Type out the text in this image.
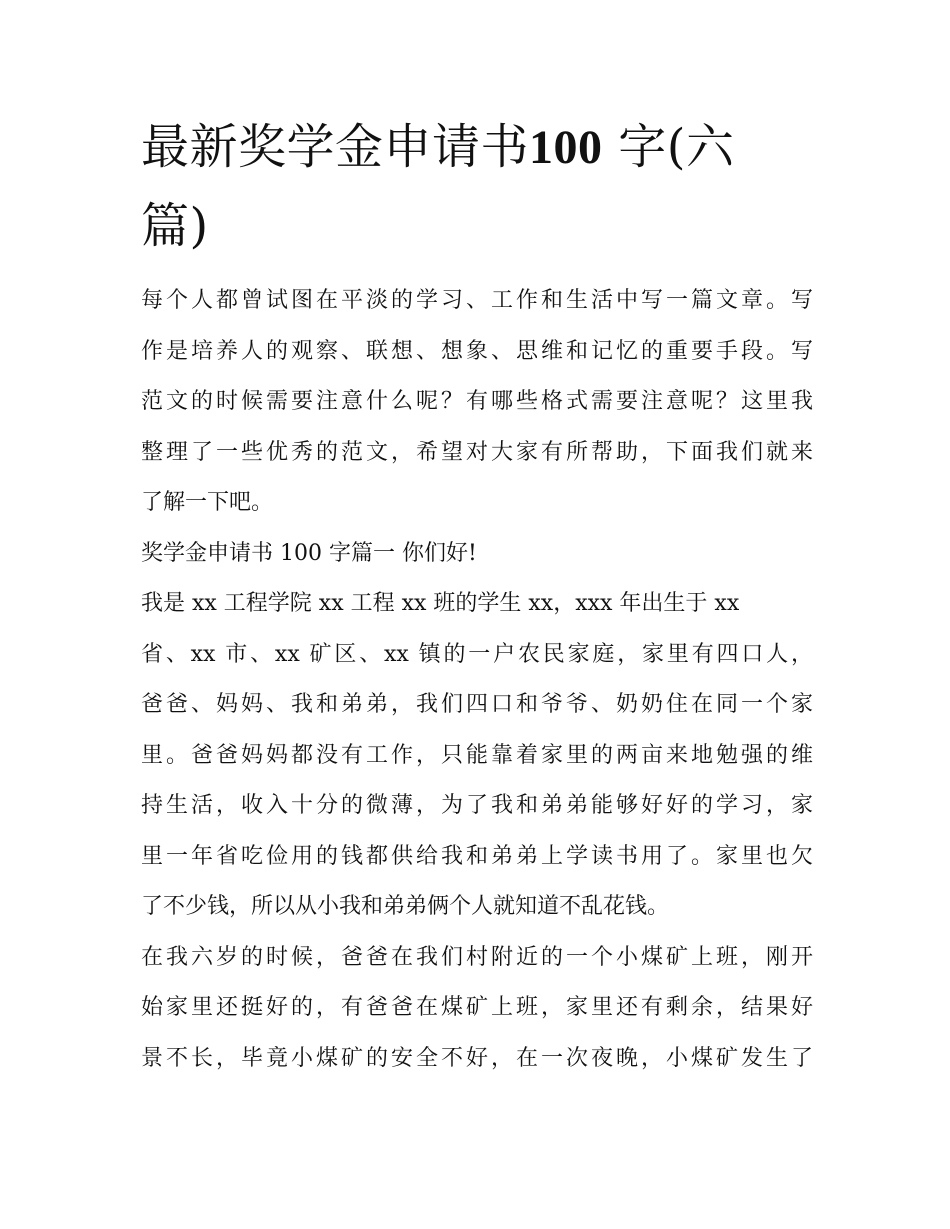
最新奖学金申请书100 字(六
篇)
每个人都曾试图在平淡的学习、工作和生活中写一篇文章。写
作是培养人的观察、联想、想象、思维和记忆的重要手段。写
范文的时候需要注意什么呢？有哪些格式需要注意呢？这里我
整理了一些优秀的范文，希望对大家有所帮助，下面我们就来
了解一下吧。
奖学金申请书 100 字篇一 你们好!
我是 xx 工程学院 xx 工程 xx 班的学生 xx，xxx 年出生于 xx
省、xx 市、xx 矿区、xx 镇的一户农民家庭，家里有四口人，
爸爸、妈妈、我和弟弟，我们四口和爷爷、奶奶住在同一个家
里。爸爸妈妈都没有工作，只能靠着家里的两亩来地勉强的维
持生活，收入十分的微薄，为了我和弟弟能够好好的学习，家
里一年省吃俭用的钱都供给我和弟弟上学读书用了。家里也欠
了不少钱，所以从小我和弟弟俩个人就知道不乱花钱。
在我六岁的时候，爸爸在我们村附近的一个小煤矿上班，刚开
始家里还挺好的，有爸爸在煤矿上班，家里还有剩余，结果好
景不长，毕竟小煤矿的安全不好，在一次夜晚，小煤矿发生了
